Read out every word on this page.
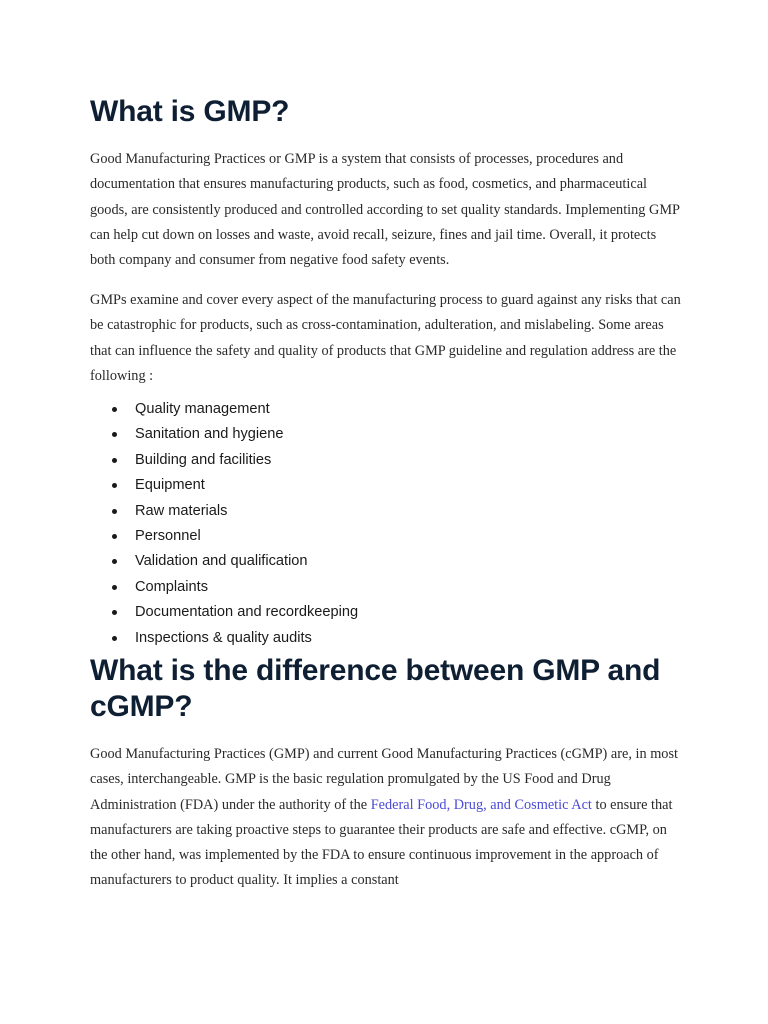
What is GMP?

Good Manufacturing Practices or GMP is a system that consists of processes, procedures and documentation that ensures manufacturing products, such as food, cosmetics, and pharmaceutical goods, are consistently produced and controlled according to set quality standards. Implementing GMP can help cut down on losses and waste, avoid recall, seizure, fines and jail time. Overall, it protects both company and consumer from negative food safety events.

GMPs examine and cover every aspect of the manufacturing process to guard against any risks that can be catastrophic for products, such as cross-contamination, adulteration, and mislabeling. Some areas that can influence the safety and quality of products that GMP guideline and regulation address are the following :

Quality management
Sanitation and hygiene
Building and facilities
Equipment
Raw materials
Personnel
Validation and qualification
Complaints
Documentation and recordkeeping
Inspections & quality audits
What is the difference between GMP and cGMP?

Good Manufacturing Practices (GMP) and current Good Manufacturing Practices (cGMP) are, in most cases, interchangeable. GMP is the basic regulation promulgated by the US Food and Drug Administration (FDA) under the authority of the Federal Food, Drug, and Cosmetic Act to ensure that manufacturers are taking proactive steps to guarantee their products are safe and effective. cGMP, on the other hand, was implemented by the FDA to ensure continuous improvement in the approach of manufacturers to product quality. It implies a constant
